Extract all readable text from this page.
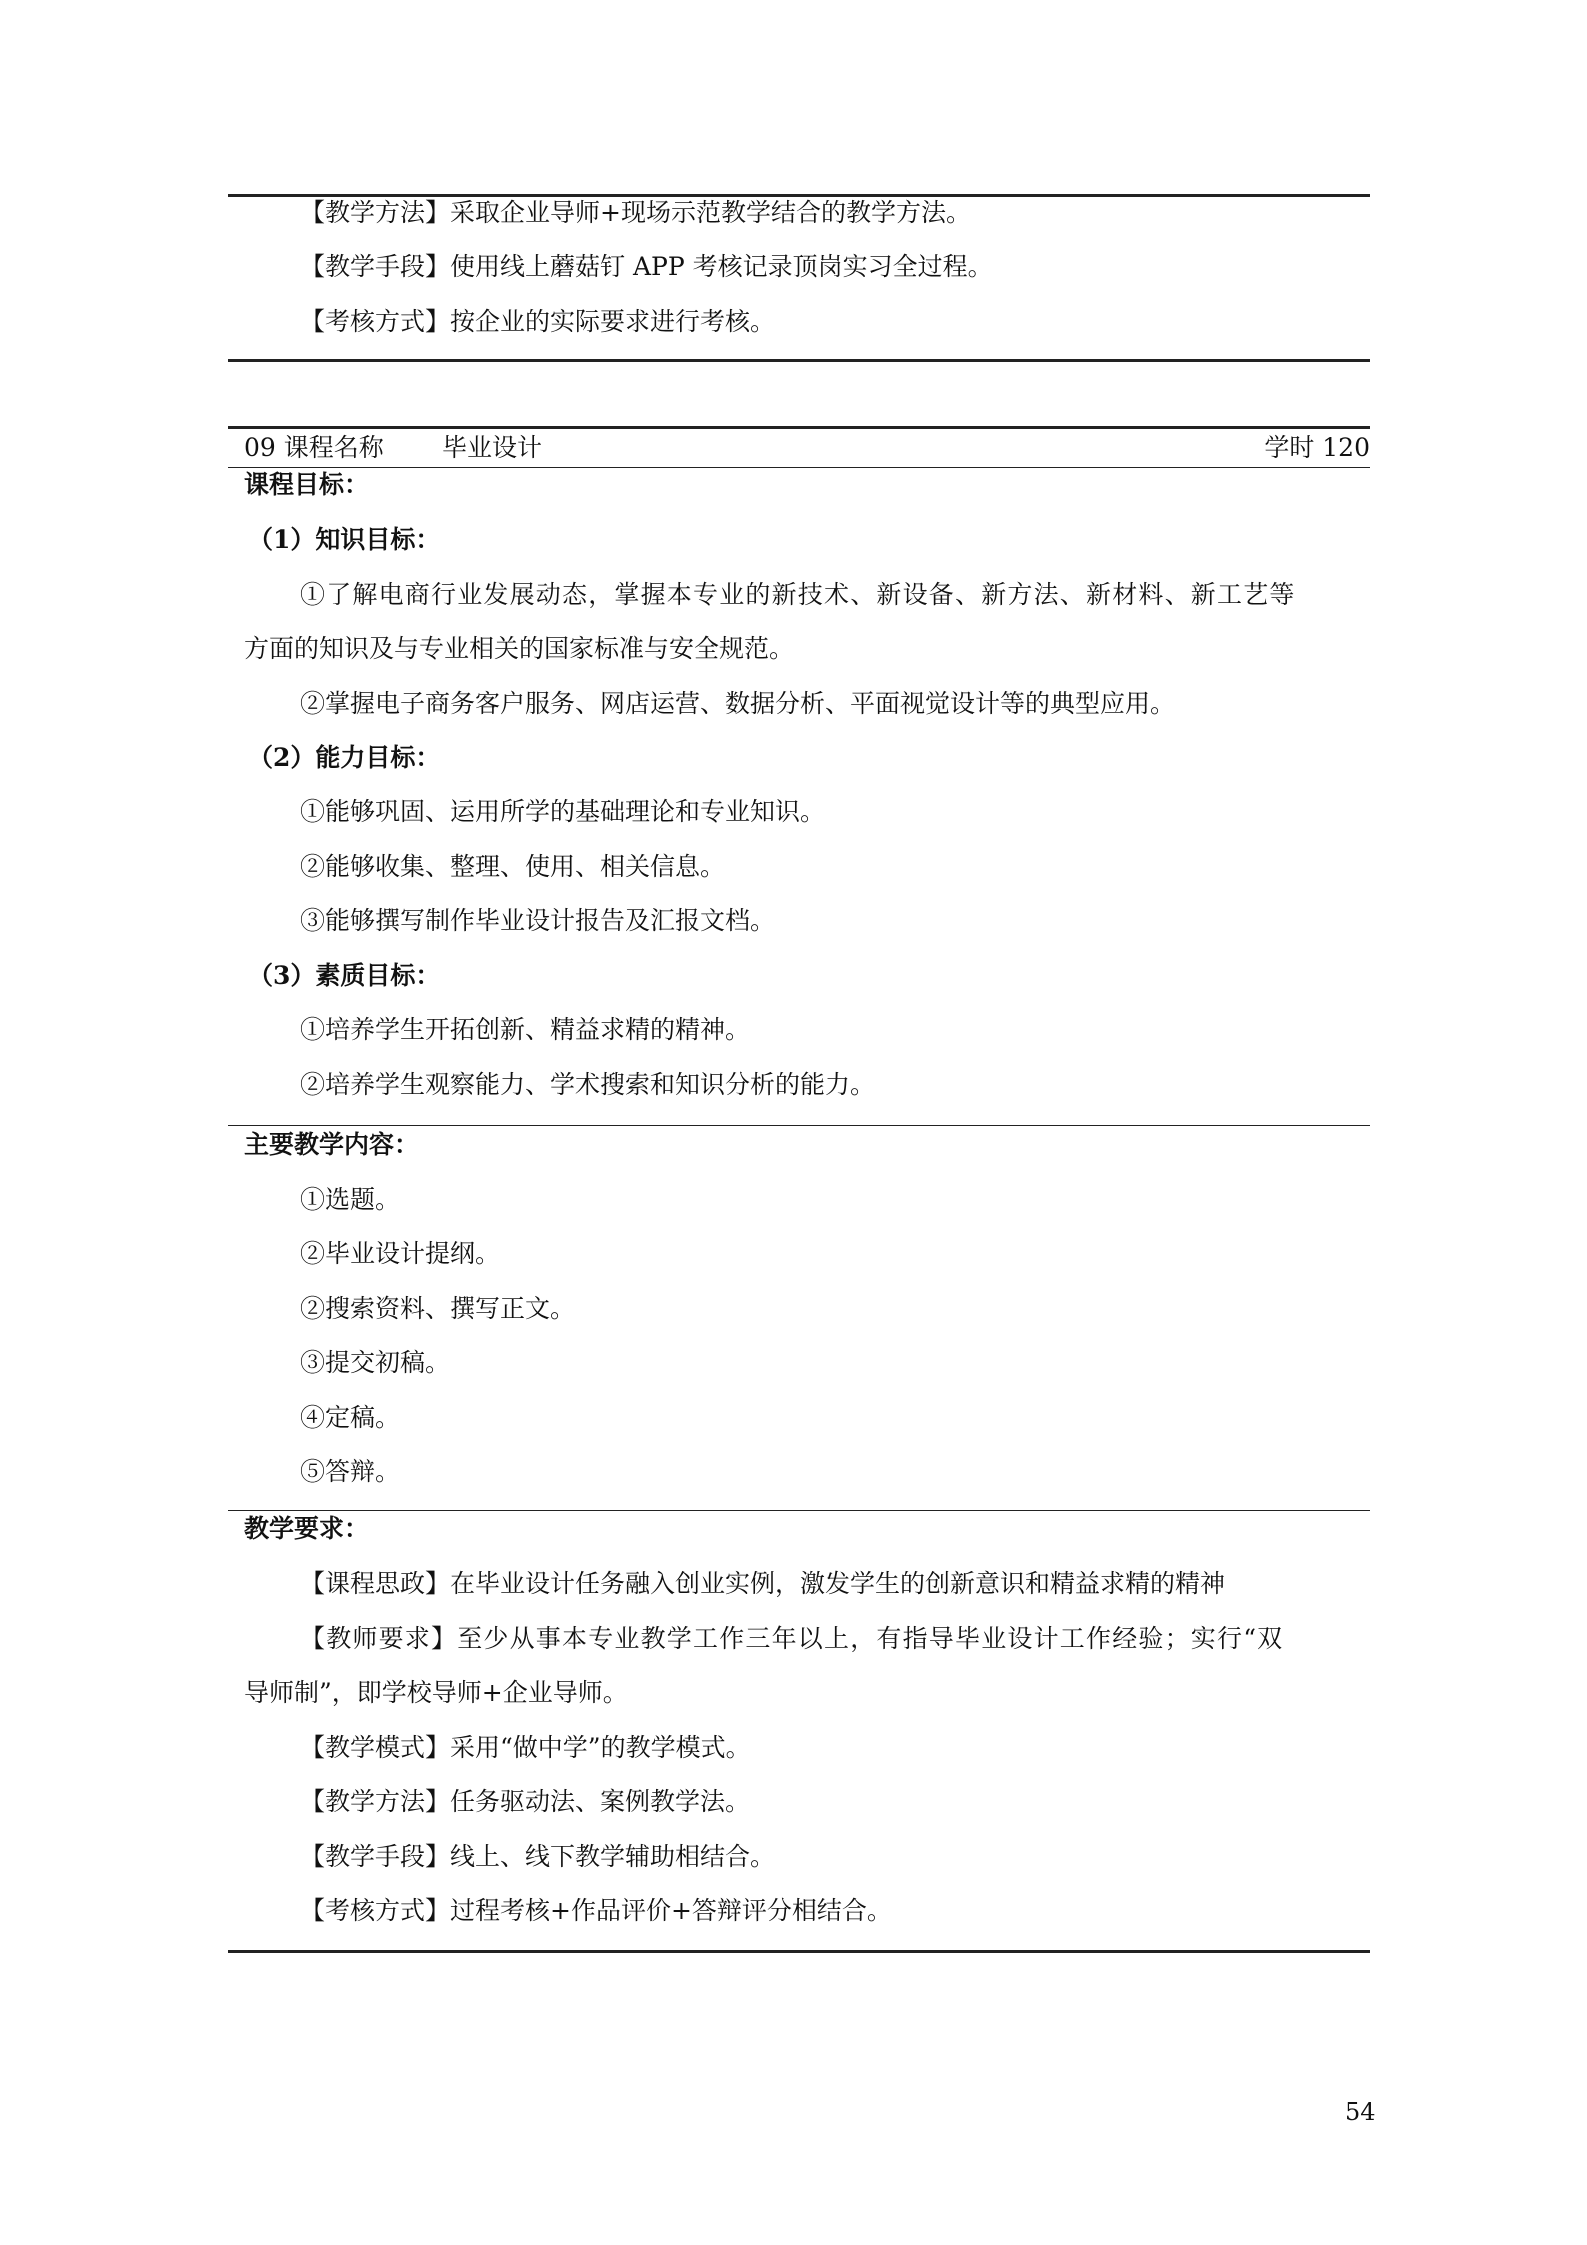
【教学方法】采取企业导师+现场示范教学结合的教学方法。
【教学手段】使用线上蘑菇钉 APP 考核记录顶岗实习全过程。
【考核方式】按企业的实际要求进行考核。
09 课程名称 毕业设计	学时 120
课程目标：
（1）知识目标：
①了解电商行业发展动态，掌握本专业的新技术、新设备、新方法、新材料、新工艺等
方面的知识及与专业相关的国家标准与安全规范。
②掌握电子商务客户服务、网店运营、数据分析、平面视觉设计等的典型应用。
（2）能力目标：
①能够巩固、运用所学的基础理论和专业知识。
②能够收集、整理、使用、相关信息。
③能够撰写制作毕业设计报告及汇报文档。
（3）素质目标：
①培养学生开拓创新、精益求精的精神。
②培养学生观察能力、学术搜索和知识分析的能力。
主要教学内容：
①选题。
②毕业设计提纲。
②搜索资料、撰写正文。
③提交初稿。
④定稿。
⑤答辩。
教学要求：
【课程思政】在毕业设计任务融入创业实例，激发学生的创新意识和精益求精的精神
【教师要求】至少从事本专业教学工作三年以上，有指导毕业设计工作经验；实行“双
导师制”，即学校导师+企业导师。
【教学模式】采用“做中学”的教学模式。
【教学方法】任务驱动法、案例教学法。
【教学手段】线上、线下教学辅助相结合。
【考核方式】过程考核+作品评价+答辩评分相结合。
54
